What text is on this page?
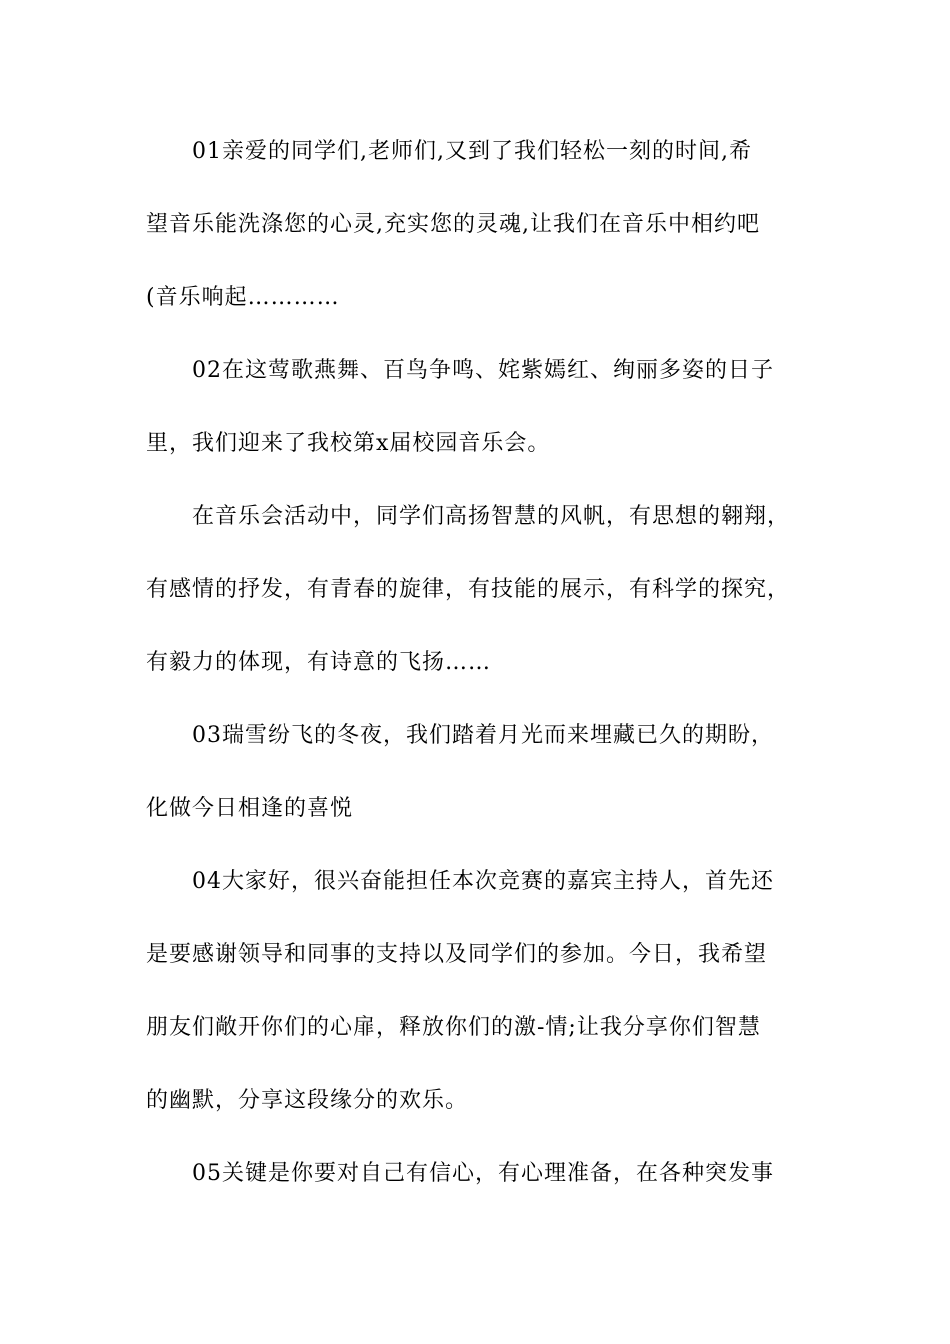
01亲爱的同学们,老师们,又到了我们轻松一刻的时间,希
望音乐能洗涤您的心灵,充实您的灵魂,让我们在音乐中相约吧
(音乐响起…………
02在这莺歌燕舞、百鸟争鸣、姹紫嫣红、绚丽多姿的日子
里，我们迎来了我校第x届校园音乐会。
在音乐会活动中，同学们高扬智慧的风帆，有思想的翱翔，
有感情的抒发，有青春的旋律，有技能的展示，有科学的探究，
有毅力的体现，有诗意的飞扬……
03瑞雪纷飞的冬夜，我们踏着月光而来埋藏已久的期盼，
化做今日相逢的喜悦
04大家好，很兴奋能担任本次竞赛的嘉宾主持人，首先还
是要感谢领导和同事的支持以及同学们的参加。今日，我希望
朋友们敞开你们的心扉，释放你们的激-情;让我分享你们智慧
的幽默，分享这段缘分的欢乐。
05关键是你要对自己有信心，有心理准备，在各种突发事
